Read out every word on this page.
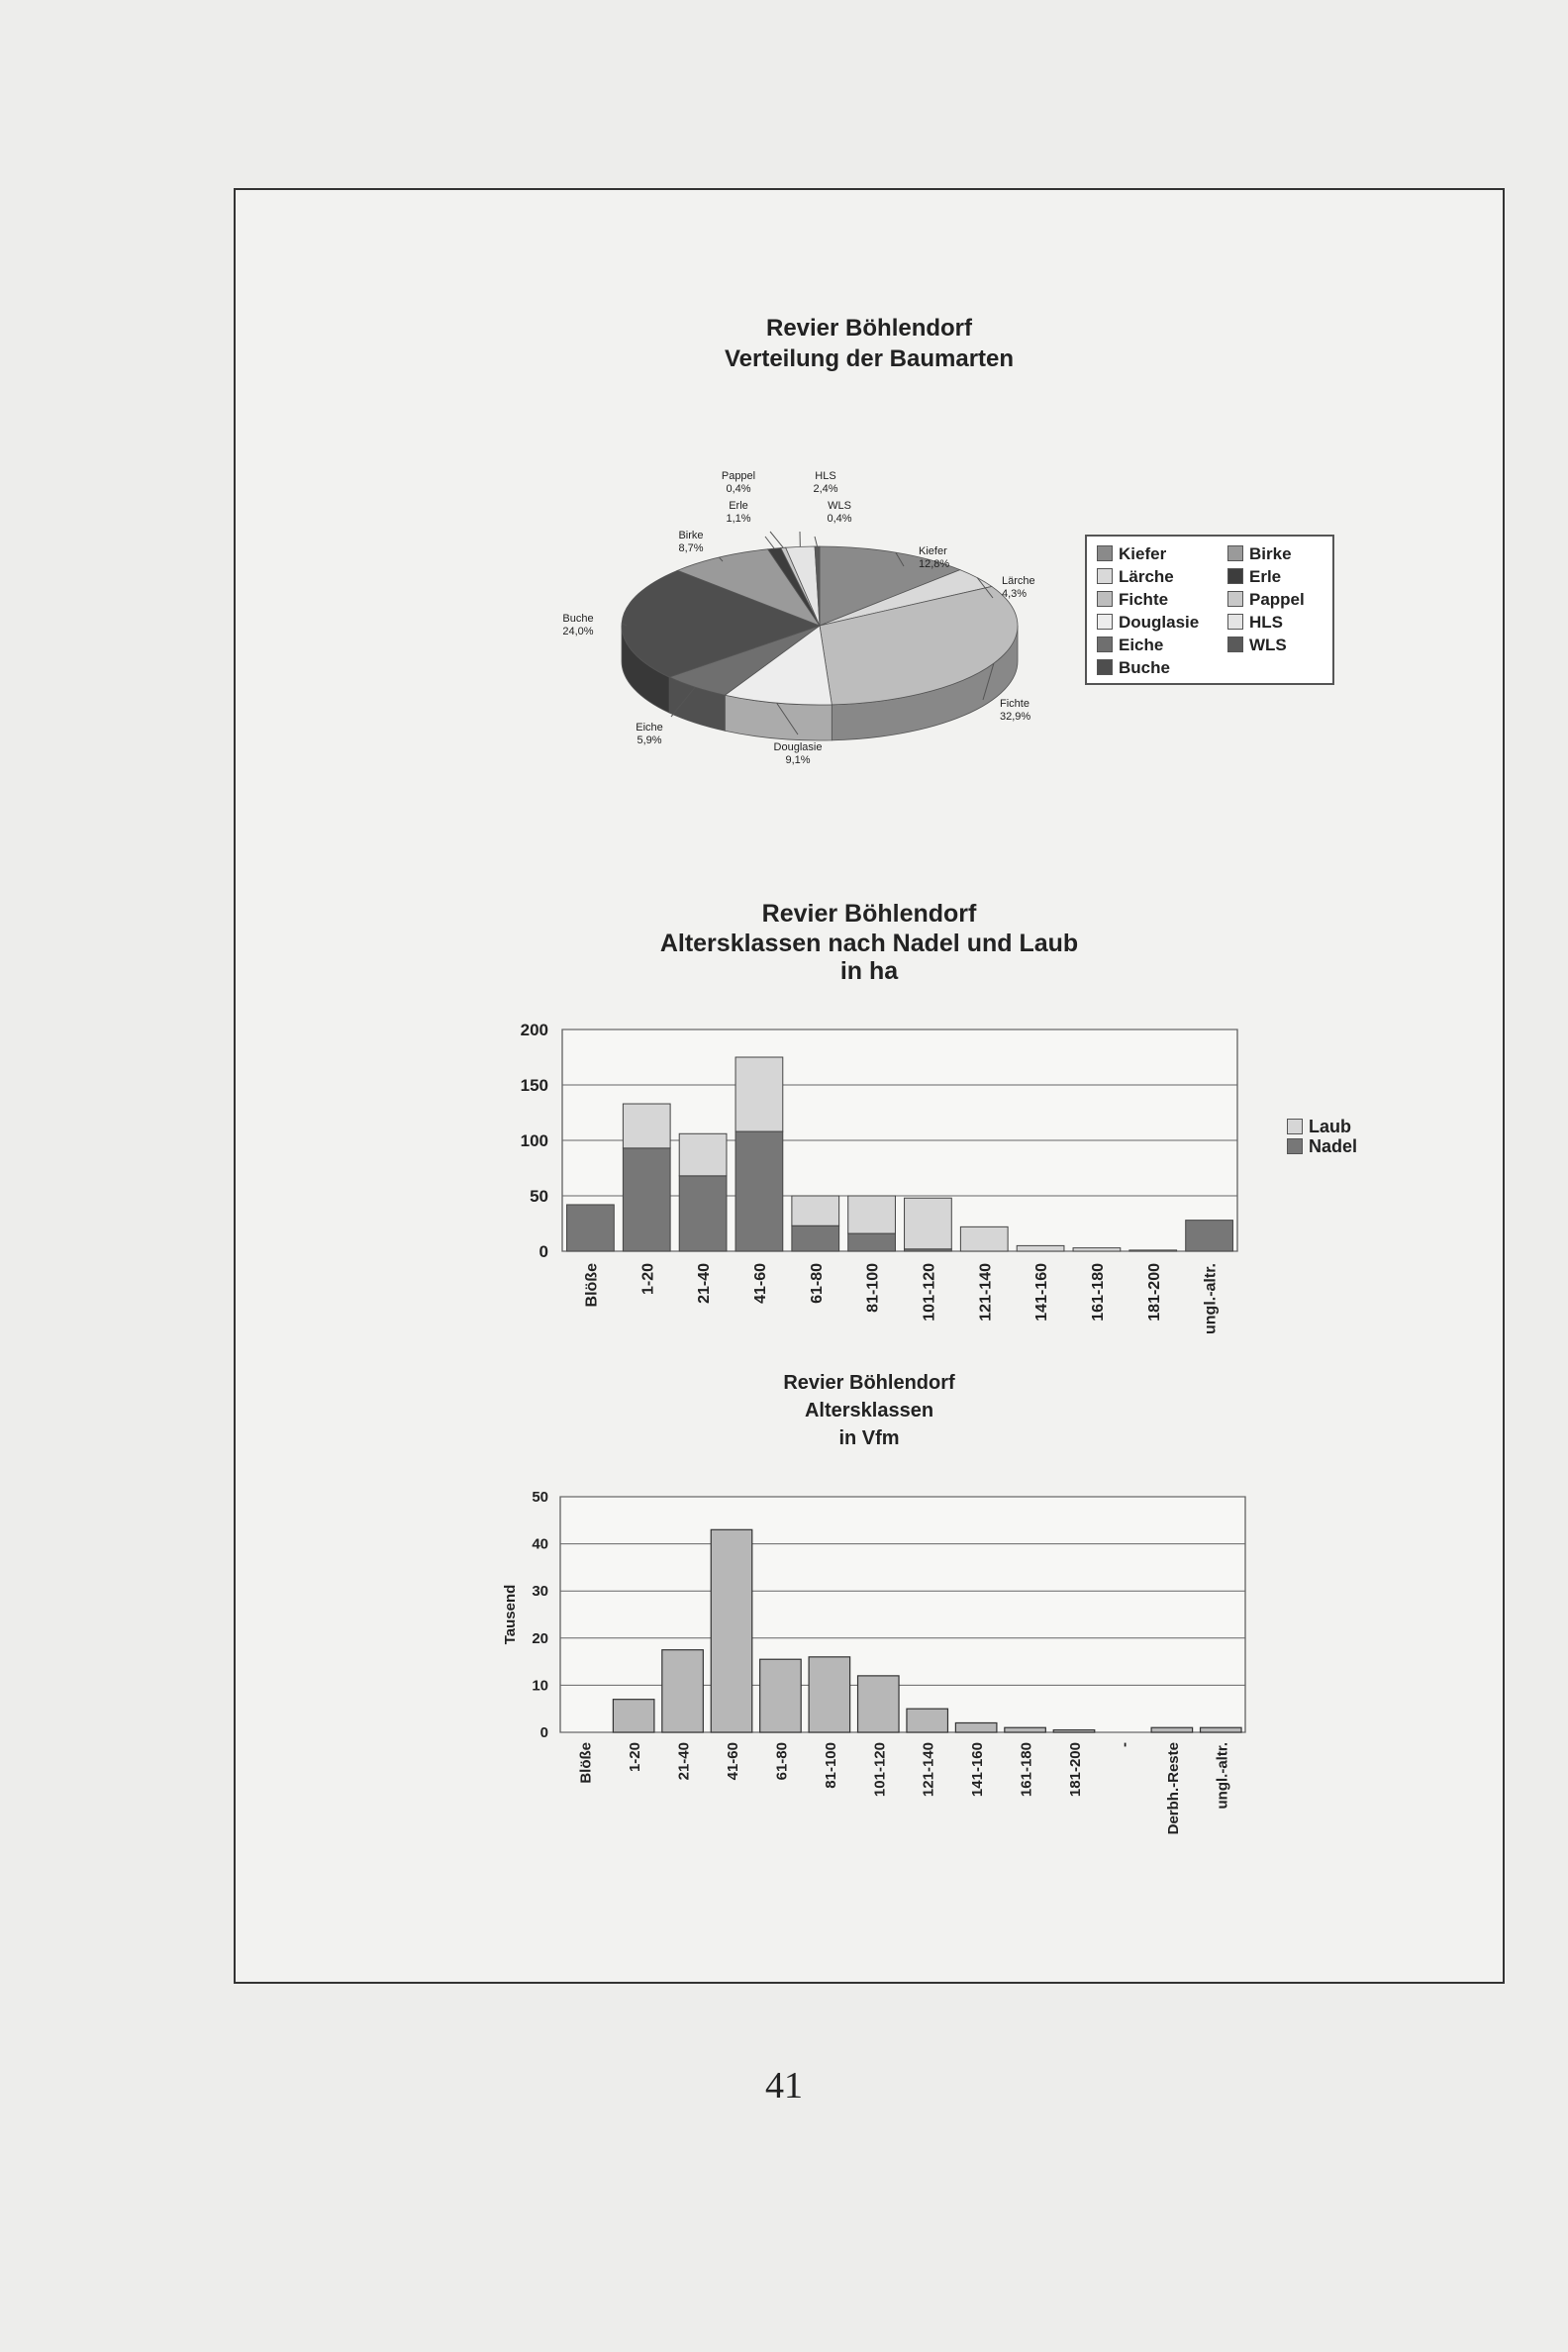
Revier Böhlendorf
Verteilung der Baumarten
Kiefer
12,8%
Lärche
4,3%
Fichte
32,9%
Douglasie
9,1%
Eiche
5,9%
Buche
24,0%
Birke
8,7%
Erle
1,1%
Pappel
0,4%
HLS
2,4%
WLS
0,4%
Kiefer
Lärche
Fichte
Douglasie
Eiche
Buche
Birke
Erle
Pappel
HLS
WLS
Revier Böhlendorf
Altersklassen nach Nadel und Laub
in ha
0
50
100
150
200
Blöße 1-20 21-40 41-60 61-80 81-100 101-120 121-140 141-160 161-180 181-200 ungl.-altr.
Laub
Nadel
Revier Böhlendorf
Altersklassen
in Vfm
0
10
20
30
40
50
Tausend
Blöße 1-20 21-40 41-60 61-80 81-100 101-120 121-140 141-160 161-180 181-200 - Derbh.-Reste ungl.-altr.
41
